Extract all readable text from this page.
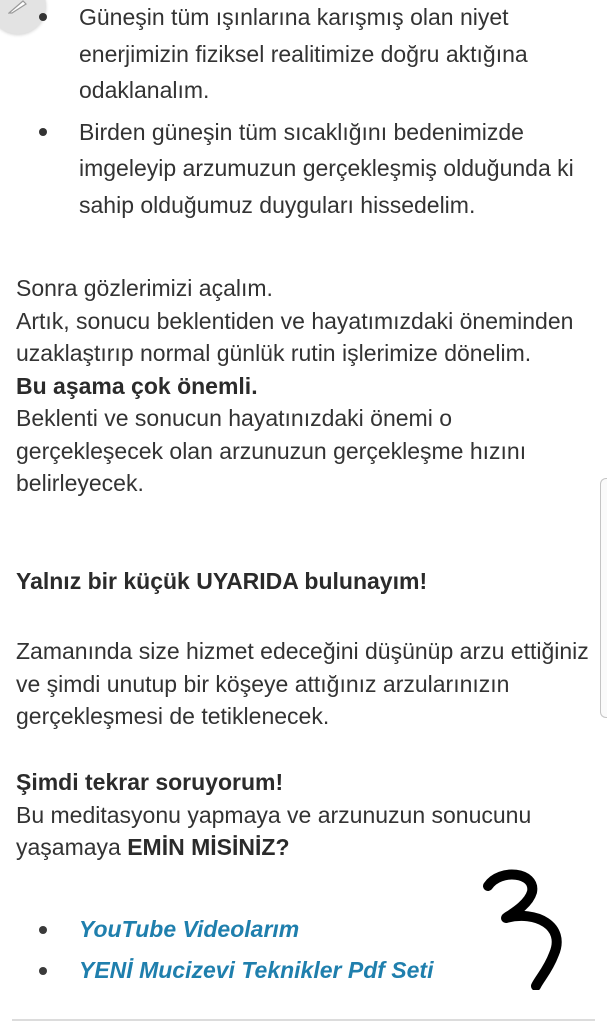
Güneşin tüm ışınlarına karışmış olan niyet enerjimizin fiziksel realitimize doğru aktığına odaklanalım.
Birden güneşin tüm sıcaklığını bedenimizde imgeleyip arzumuzun gerçekleşmiş olduğunda ki sahip olduğumuz duyguları hissedelim.

Sonra gözlerimizi açalım.
Artık, sonucu beklentiden ve hayatımızdaki öneminden uzaklaştırıp normal günlük rutin işlerimize dönelim.
Bu aşama çok önemli.
Beklenti ve sonucun hayatınızdaki önemi o gerçekleşecek olan arzunuzun gerçekleşme hızını belirleyecek.

Yalnız bir küçük UYARIDA bulunayım!

Zamanında size hizmet edeceğini düşünüp arzu ettiğiniz ve şimdi unutup bir köşeye attığınız arzularınızın gerçekleşmesi de tetiklenecek.

Şimdi tekrar soruyorum!
Bu meditasyonu yapmaya ve arzunuzun sonucunu yaşamaya EMİN MİSİNİZ?

YouTube Videolarım
YENİ Mucizevi Teknikler Pdf Seti
